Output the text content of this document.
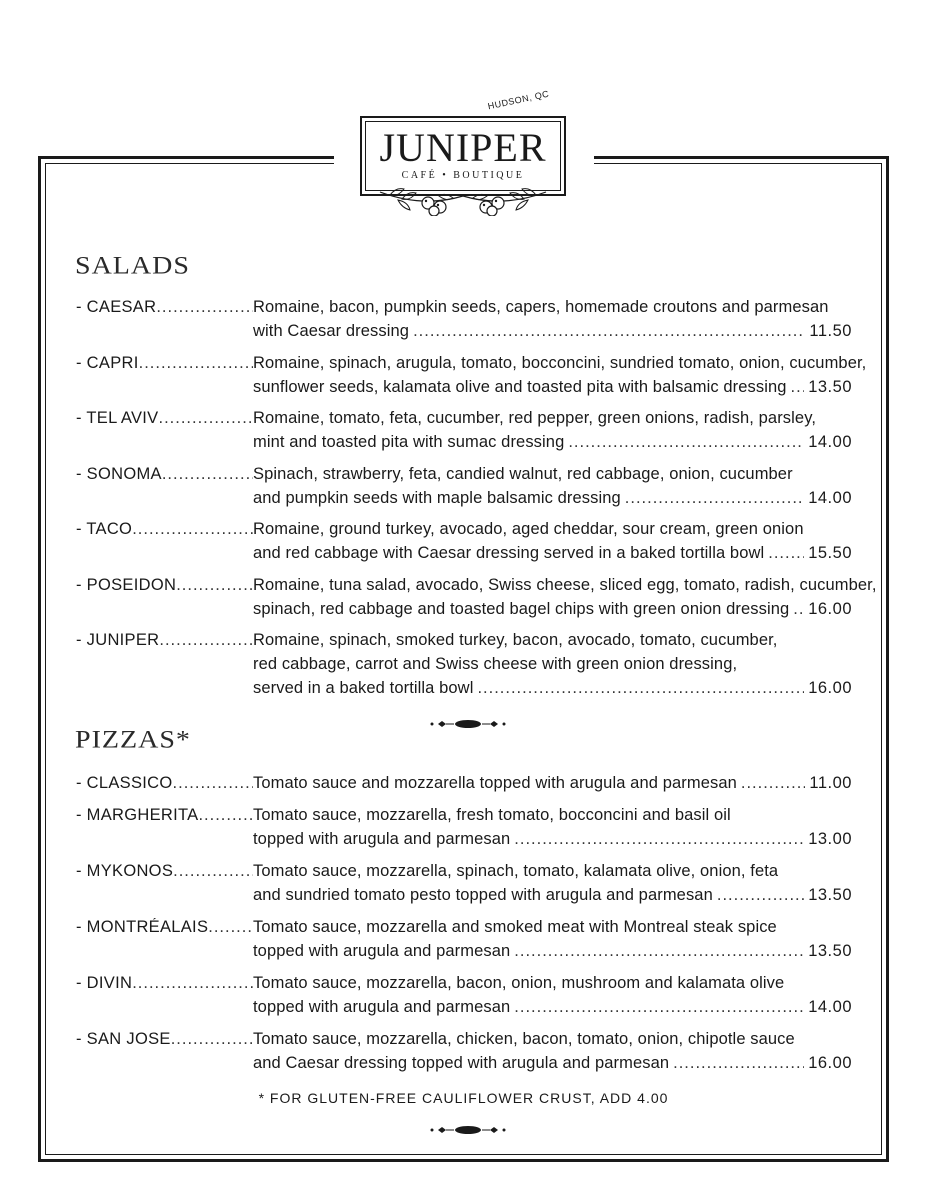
HUDSON, QC
JUNIPER
CAFÉ • BOUTIQUE
SALADS
- CAESAR .....	Romaine, bacon, pumpkin seeds, capers, homemade croutons and parmesan
with Caesar dressing .....	11.50
- CAPRI .....	Romaine, spinach, arugula, tomato, bocconcini, sundried tomato, onion, cucumber,
sunflower seeds, kalamata olive and toasted pita with balsamic dressing ..... 13.50
- TEL AVIV .....	Romaine, tomato, feta, cucumber, red pepper, green onions, radish, parsley,
mint and toasted pita with sumac dressing .....	14.00
- SONOMA .....	Spinach, strawberry, feta, candied walnut, red cabbage, onion, cucumber
and pumpkin seeds with maple balsamic dressing .....	14.00
- TACO .....	Romaine, ground turkey, avocado, aged cheddar, sour cream, green onion
and red cabbage with Caesar dressing served in a baked tortilla bowl .....	15.50
- POSEIDON .....	Romaine, tuna salad, avocado, Swiss cheese, sliced egg, tomato, radish, cucumber,
spinach, red cabbage and toasted bagel chips with green onion dressing ..... 16.00
- JUNIPER .....	Romaine, spinach, smoked turkey, bacon, avocado, tomato, cucumber,
red cabbage, carrot and Swiss cheese with green onion dressing,
served in a baked tortilla bowl .....	16.00
PIZZAS*
- CLASSICO .....	Tomato sauce and mozzarella topped with arugula and parmesan .....	11.00
- MARGHERITA .....	Tomato sauce, mozzarella, fresh tomato, bocconcini and basil oil
topped with arugula and parmesan .....	13.00
- MYKONOS .....	Tomato sauce, mozzarella, spinach, tomato, kalamata olive, onion, feta
and sundried tomato pesto topped with arugula and parmesan .....	13.50
- MONTRÉALAIS .....	Tomato sauce, mozzarella and smoked meat with Montreal steak spice
topped with arugula and parmesan .....	13.50
- DIVIN .....	Tomato sauce, mozzarella, bacon, onion, mushroom and kalamata olive
topped with arugula and parmesan .....	14.00
- SAN JOSE .....	Tomato sauce, mozzarella, chicken, bacon, tomato, onion, chipotle sauce
and Caesar dressing topped with arugula and parmesan .....	16.00
* FOR GLUTEN-FREE CAULIFLOWER CRUST, ADD 4.00
